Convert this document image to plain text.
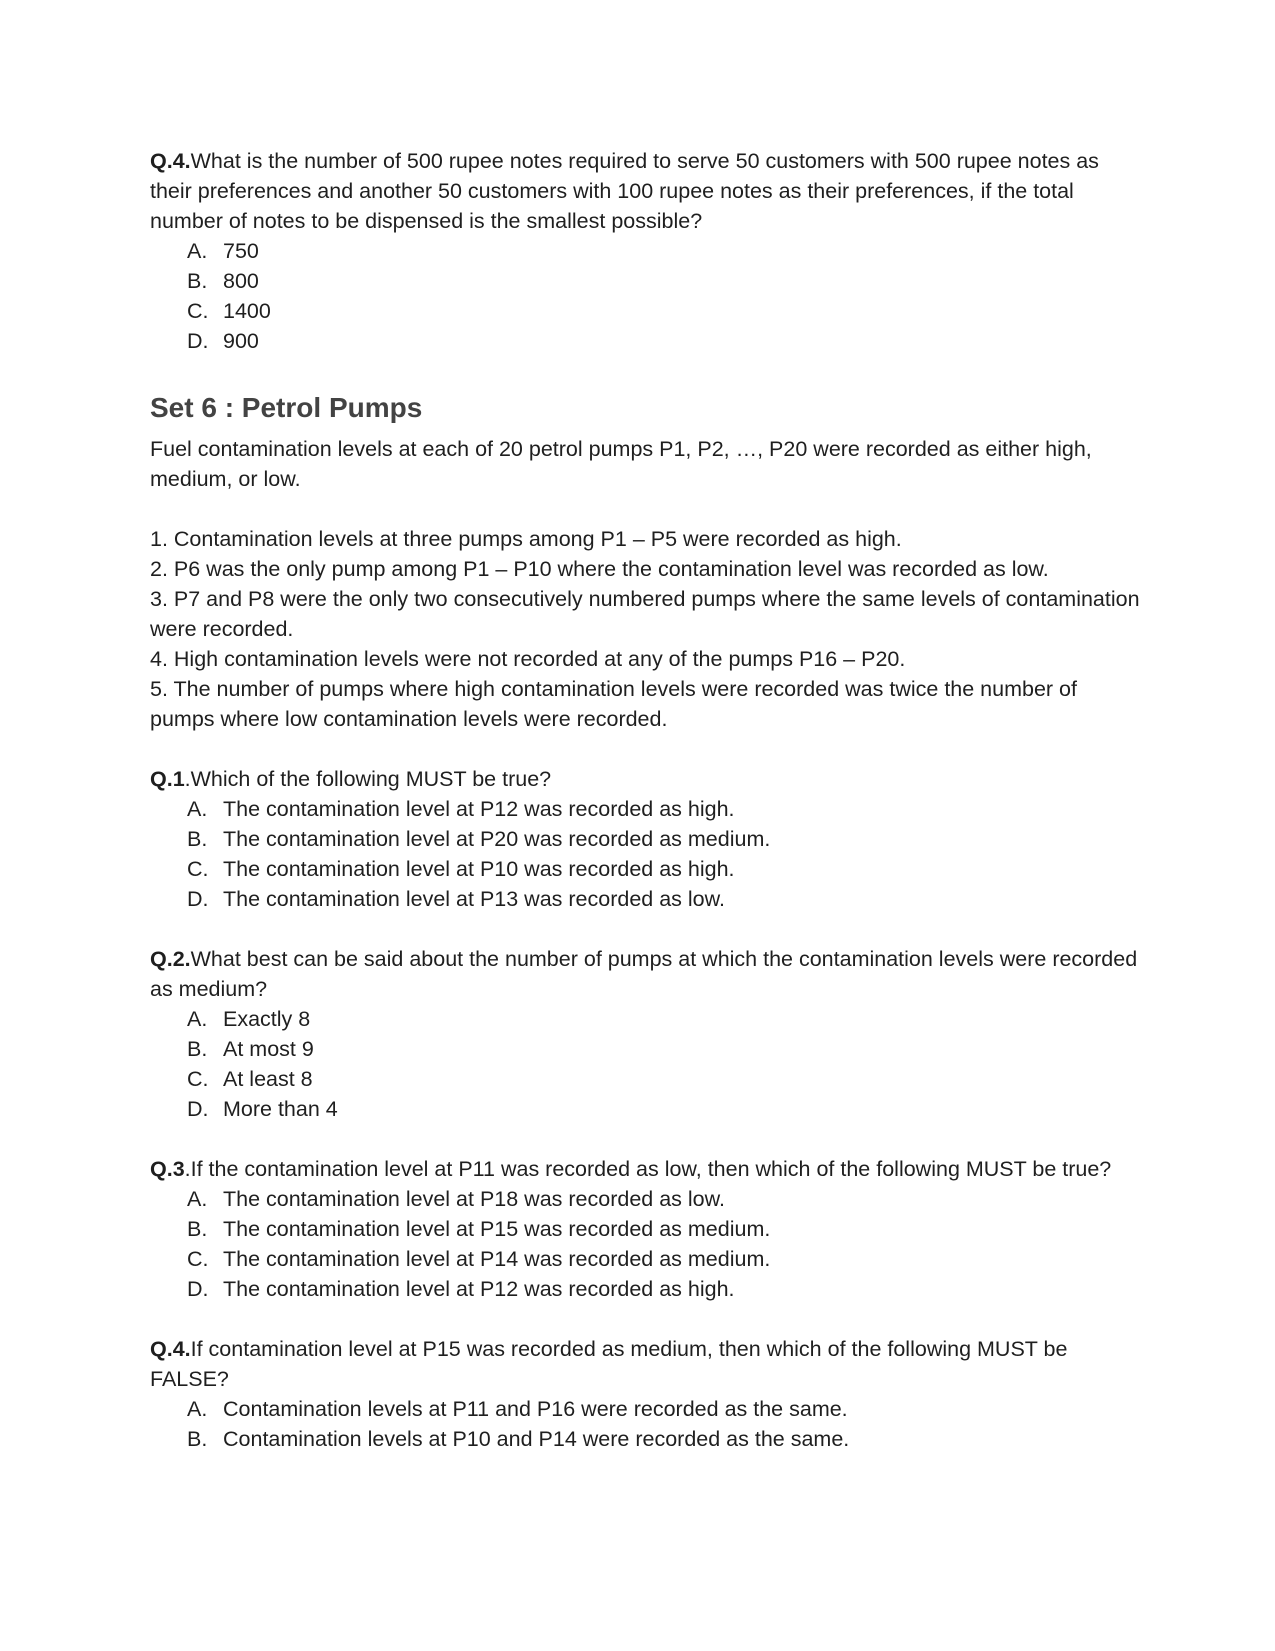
Q.4.What is the number of 500 rupee notes required to serve 50 customers with 500 rupee notes as their preferences and another 50 customers with 100 rupee notes as their preferences, if the total number of notes to be dispensed is the smallest possible?

A. 750
B. 800
C. 1400
D. 900
Set 6 : Petrol Pumps

Fuel contamination levels at each of 20 petrol pumps P1, P2, …, P20 were recorded as either high, medium, or low.

1. Contamination levels at three pumps among P1 – P5 were recorded as high.

2. P6 was the only pump among P1 – P10 where the contamination level was recorded as low.

3. P7 and P8 were the only two consecutively numbered pumps where the same levels of contamination were recorded.

4. High contamination levels were not recorded at any of the pumps P16 – P20.

5. The number of pumps where high contamination levels were recorded was twice the number of pumps where low contamination levels were recorded.

Q.1.Which of the following MUST be true?

A. The contamination level at P12 was recorded as high.
B. The contamination level at P20 was recorded as medium.
C. The contamination level at P10 was recorded as high.
D. The contamination level at P13 was recorded as low.

Q.2.What best can be said about the number of pumps at which the contamination levels were recorded as medium?

A. Exactly 8
B. At most 9
C. At least 8
D. More than 4

Q.3.If the contamination level at P11 was recorded as low, then which of the following MUST be true?

A. The contamination level at P18 was recorded as low.
B. The contamination level at P15 was recorded as medium.
C. The contamination level at P14 was recorded as medium.
D. The contamination level at P12 was recorded as high.

Q.4.If contamination level at P15 was recorded as medium, then which of the following MUST be FALSE?

A. Contamination levels at P11 and P16 were recorded as the same.
B. Contamination levels at P10 and P14 were recorded as the same.
